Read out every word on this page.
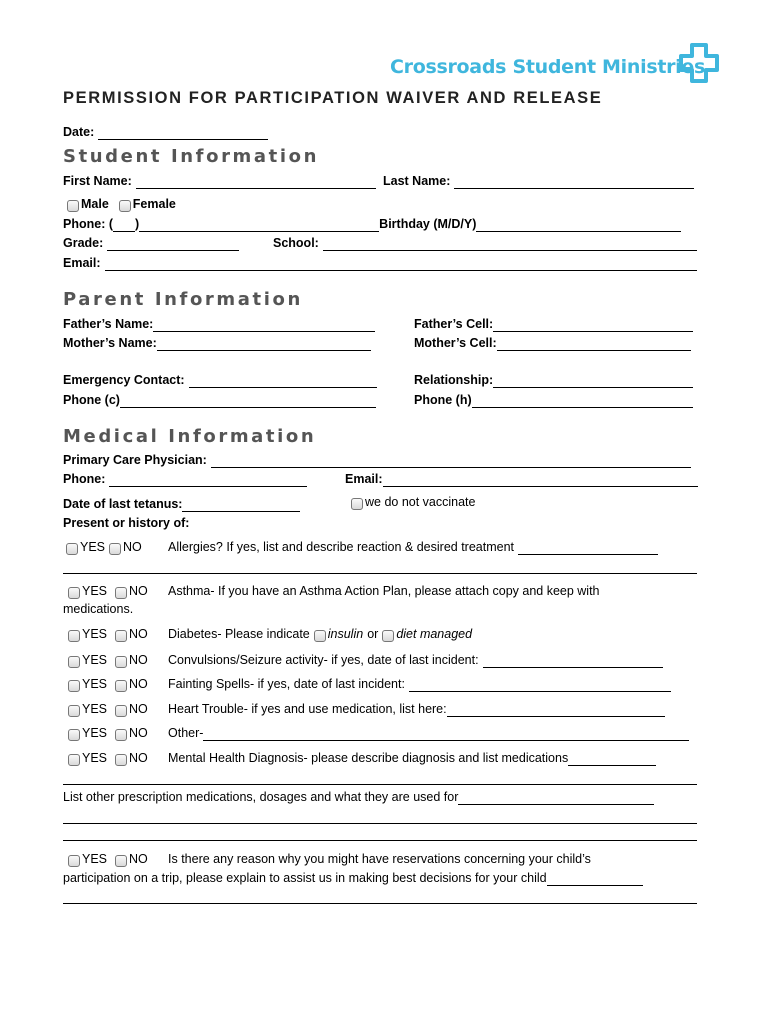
Crossroads Student Ministries
PERMISSION FOR PARTICIPATION WAIVER AND RELEASE
Date:
Student Information
First Name:	Last Name:
Male Female
Phone: ( )	Birthday (M/D/Y)
Grade:	School:
Email:
Parent Information
Father’s Name:	Father’s Cell:
Mother’s Name:	Mother’s Cell:
Emergency Contact:	Relationship:
Phone (c)	Phone (h)
Medical Information
Primary Care Physician:
Phone:	Email:
Date of last tetanus:	we do not vaccinate
Present or history of:
YES NO Allergies? If yes, list and describe reaction & desired treatment
YES NO Asthma- If you have an Asthma Action Plan, please attach copy and keep with
medications.
YES NO Diabetes- Please indicate insulin or diet managed
YES NO Convulsions/Seizure activity- if yes, date of last incident:
YES NO Fainting Spells- if yes, date of last incident:
YES NO Heart Trouble- if yes and use medication, list here:
YES NO Other-
YES NO Mental Health Diagnosis- please describe diagnosis and list medications
List other prescription medications, dosages and what they are used for
YES NO Is there any reason why you might have reservations concerning your child’s
participation on a trip, please explain to assist us in making best decisions for your child
